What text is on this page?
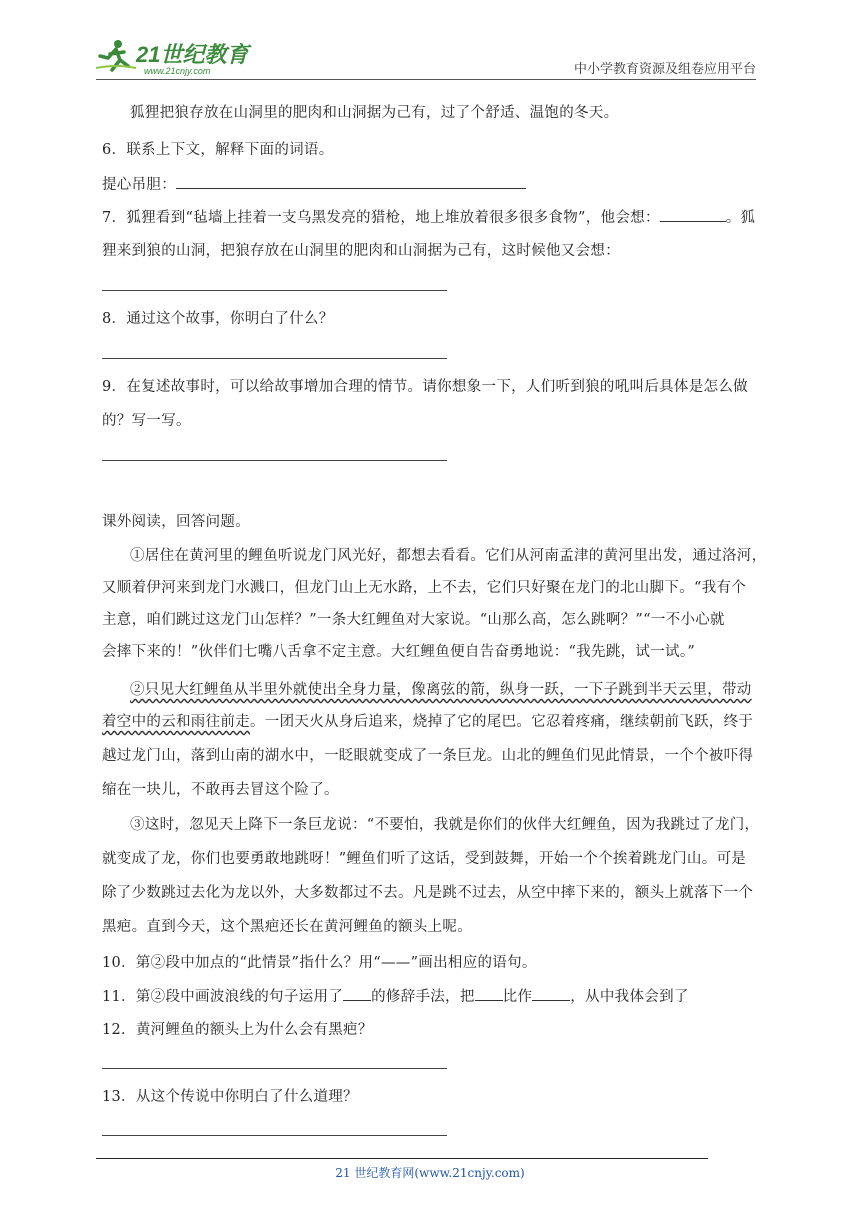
21世纪教育
www.21cnjy.com	中小学教育资源及组卷应用平台
狐狸把狼存放在山洞里的肥肉和山洞据为己有，过了个舒适、温饱的冬天。
6．联系上下文，解释下面的词语。
提心吊胆：
7．狐狸看到“毡墙上挂着一支乌黑发亮的猎枪，地上堆放着很多很多食物”，他会想：	。狐
狸来到狼的山洞，把狼存放在山洞里的肥肉和山洞据为己有，这时候他又会想：
8．通过这个故事，你明白了什么？
9．在复述故事时，可以给故事增加合理的情节。请你想象一下，人们听到狼的吼叫后具体是怎么做
的？写一写。
课外阅读，回答问题。
①居住在黄河里的鲤鱼听说龙门风光好，都想去看看。它们从河南孟津的黄河里出发，通过洛河，
又顺着伊河来到龙门水溅口，但龙门山上无水路，上不去，它们只好聚在龙门的北山脚下。“我有个
主意，咱们跳过这龙门山怎样？”一条大红鲤鱼对大家说。“山那么高，怎么跳啊？”“一不小心就
会摔下来的！”伙伴们七嘴八舌拿不定主意。大红鲤鱼便自告奋勇地说：“我先跳，试一试。”
②只见大红鲤鱼从半里外就使出全身力量，像离弦的箭，纵身一跃，一下子跳到半天云里，带动
着空中的云和雨往前走。一团天火从身后追来，烧掉了它的尾巴。它忍着疼痛，继续朝前飞跃，终于
越过龙门山，落到山南的湖水中，一眨眼就变成了一条巨龙。山北的鲤鱼们见此情景，一个个被吓得
缩在一块儿，不敢再去冒这个险了。
③这时，忽见天上降下一条巨龙说：“不要怕，我就是你们的伙伴大红鲤鱼，因为我跳过了龙门，
就变成了龙，你们也要勇敢地跳呀！”鲤鱼们听了这话，受到鼓舞，开始一个个挨着跳龙门山。可是
除了少数跳过去化为龙以外，大多数都过不去。凡是跳不过去，从空中摔下来的，额头上就落下一个
黑疤。直到今天，这个黑疤还长在黄河鲤鱼的额头上呢。
10．第②段中加点的“此情景”指什么？用“——”画出相应的语句。
11．第②段中画波浪线的句子运用了 的修辞手法，把 比作	，从中我体会到了
12．黄河鲤鱼的额头上为什么会有黑疤？
13．从这个传说中你明白了什么道理？
21 世纪教育网(www.21cnjy.com)
